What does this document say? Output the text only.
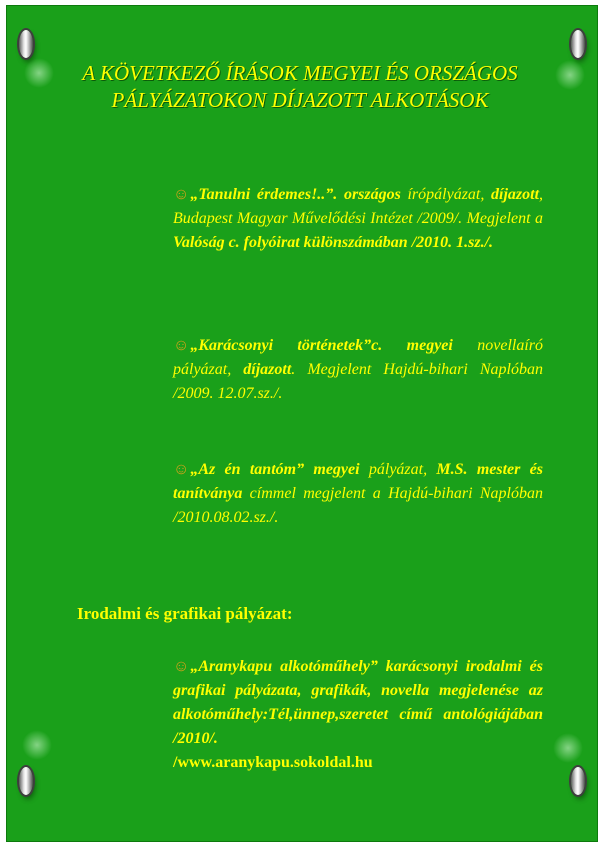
A KÖVETKEZŐ ÍRÁSOK MEGYEI ÉS ORSZÁGOS PÁLYÁZATOKON DÍJAZOTT ALKOTÁSOK
☺„Tanulni érdemes!..”. országos írópályázat, díjazott, Budapest Magyar Művelődési Intézet /2009/. Megjelent a Valóság c. folyóirat különszámában /2010. 1.sz./.
☺„Karácsonyi történetek”c. megyei novellaíró pályázat, díjazott. Megjelent Hajdú-bihari Naplóban /2009. 12.07.sz./.
☺„Az én tantóm” megyei pályázat, M.S. mester és tanítványa címmel megjelent a Hajdú-bihari Naplóban /2010.08.02.sz./.
Irodalmi és grafikai pályázat:
☺„Aranykapu alkotóműhely” karácsonyi irodalmi és grafikai pályázata, grafikák, novella megjelenése az alkotóműhely:Tél,ünnep,szeretet című antológiájában /2010/.
/www.aranykapu.sokoldal.hu
